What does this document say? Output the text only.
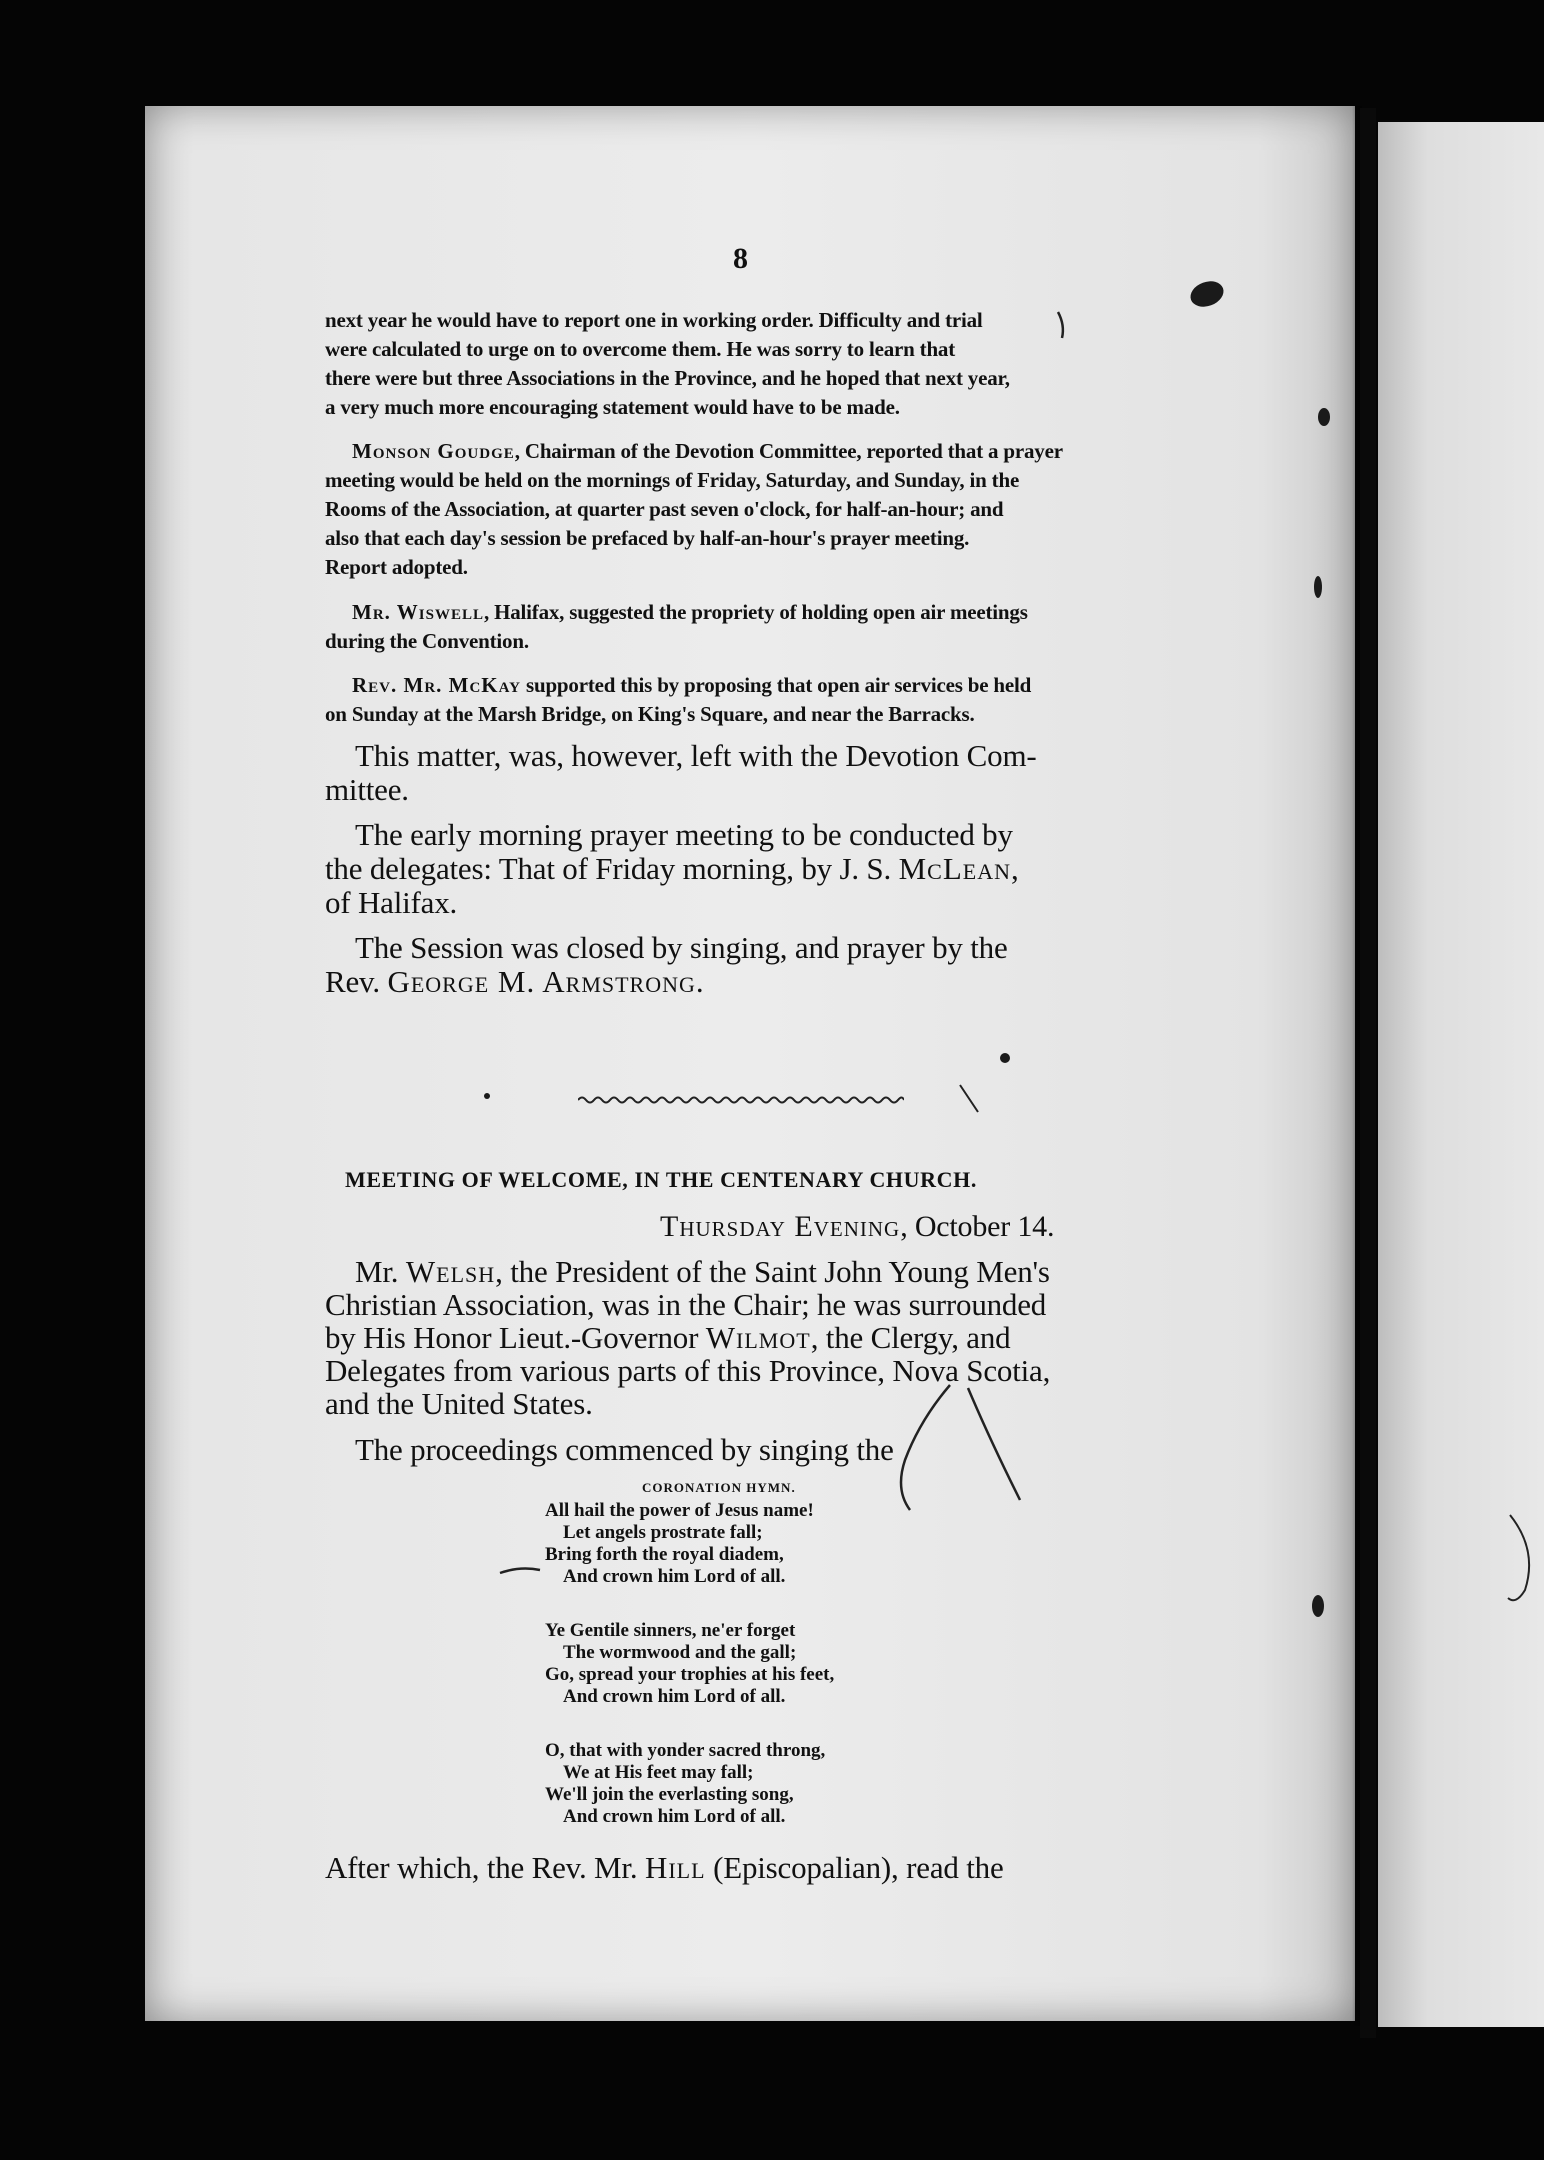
8
next year he would have to report one in working order. Difficulty and trial
were calculated to urge on to overcome them. He was sorry to learn that
there were but three Associations in the Province, and he hoped that next year,
a very much more encouraging statement would have to be made.
Monson Goudge, Chairman of the Devotion Committee, reported that a prayer
meeting would be held on the mornings of Friday, Saturday, and Sunday, in the
Rooms of the Association, at quarter past seven o'clock, for half-an-hour; and
also that each day's session be prefaced by half-an-hour's prayer meeting.
Report adopted.
Mr. Wiswell, Halifax, suggested the propriety of holding open air meetings
during the Convention.
Rev. Mr. McKay supported this by proposing that open air services be held
on Sunday at the Marsh Bridge, on King's Square, and near the Barracks.
This matter, was, however, left with the Devotion Com-
mittee.
The early morning prayer meeting to be conducted by
the delegates: That of Friday morning, by J. S. McLean,
of Halifax.
The Session was closed by singing, and prayer by the
Rev. George M. Armstrong.
MEETING OF WELCOME, IN THE CENTENARY CHURCH.
Thursday Evening, October 14.
Mr. Welsh, the President of the Saint John Young Men's
Christian Association, was in the Chair; he was surrounded
by His Honor Lieut.-Governor Wilmot, the Clergy, and
Delegates from various parts of this Province, Nova Scotia,
and the United States.
The proceedings commenced by singing the
CORONATION HYMN.
All hail the power of Jesus name!
Let angels prostrate fall;
Bring forth the royal diadem,
And crown him Lord of all.
Ye Gentile sinners, ne'er forget
The wormwood and the gall;
Go, spread your trophies at his feet,
And crown him Lord of all.
O, that with yonder sacred throng,
We at His feet may fall;
We'll join the everlasting song,
And crown him Lord of all.
After which, the Rev. Mr. Hill (Episcopalian), read the
